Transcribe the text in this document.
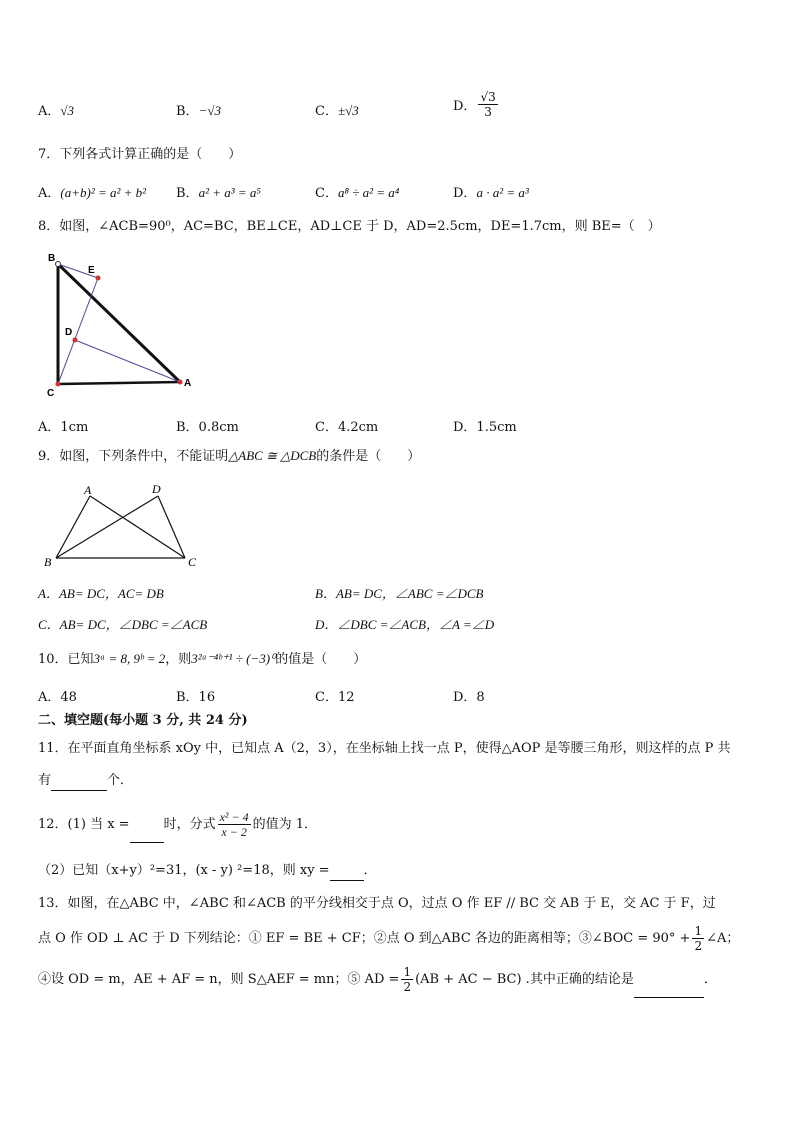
A．√3	B．−√3	C．±√3	D． $\frac{√3}{3}$
7．下列各式计算正确的是（　　）
A．(a+b)² = a² + b² B．a² + a³ = a⁵	C．a⁸ ÷ a² = a⁴	D．a · a² = a³
8．如图，∠ACB=90⁰，AC=BC，BE⊥CE，AD⊥CE 于 D，AD=2.5cm，DE=1.7cm，则 BE=（　）
B
E
D
C
A
A．1cm	B．0.8cm	C．4.2cm	D．1.5cm
9．如图，下列条件中，不能证明△ABC ≅ △DCB的条件是（　　）
A	D
B	C
A．AB= DC，AC= DB	B．AB= DC，∠ABC =∠DCB
C．AB= DC，∠DBC =∠ACB	D．∠DBC =∠ACB，∠A =∠D
10．已知3ᵃ = 8, 9ᵇ = 2，则3²ᵃ⁻⁴ᵇ⁺¹ ÷ (−3)⁰的值是（　　）
A．48	B．16	C．12	D．8
二、填空题(每小题 3 分, 共 24 分)
11．在平面直角坐标系 xOy 中，已知点 A（2，3），在坐标轴上找一点 P，使得△AOP 是等腰三角形，则这样的点 P 共
有	个．
12．(1) 当 x =	时，分式 $\frac{\text{x² − 4}}{x - 2}$ 的值为 1．
（2）已知（x+y）²=31，(x - y) ²=18，则 xy =	．
13．如图，在△ABC 中，∠ABC 和∠ACB 的平分线相交于点 O，过点 O 作 EF // BC 交 AB 于 E，交 AC 于 F，过
点 O 作 OD ⊥ AC 于 D 下列结论：① EF = BE + CF；②点 O 到△ABC 各边的距离相等；③∠BOC = $90^\circ + \frac{1}{2}$ ∠A；
④设 OD = m，AE + AF = n，则 S△AEF = mn；⑤ AD = $\frac{1}{2} (AB$ + AC − BC) .其中正确的结论是	．
